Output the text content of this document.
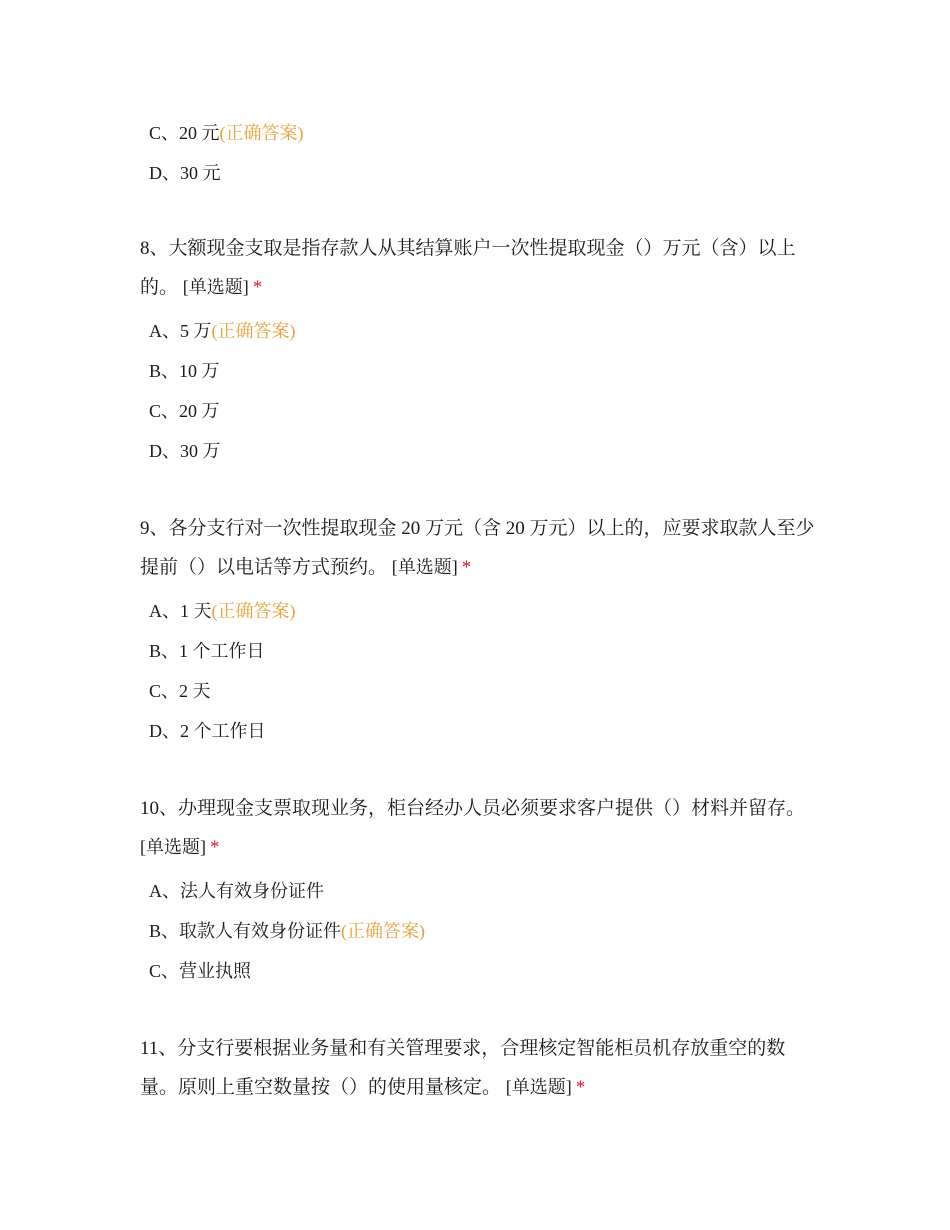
C、20 元(正确答案)
D、30 元

8、大额现金支取是指存款人从其结算账户一次性提取现金（）万元（含）以上的。 [单选题] *

A、5 万(正确答案)
B、10 万
C、20 万
D、30 万

9、各分支行对一次性提取现金 20 万元（含 20 万元）以上的，应要求取款人至少提前（）以电话等方式预约。 [单选题] *

A、1 天(正确答案)
B、1 个工作日
C、2 天
D、2 个工作日

10、办理现金支票取现业务，柜台经办人员必须要求客户提供（）材料并留存。 [单选题] *

A、法人有效身份证件
B、取款人有效身份证件(正确答案)
C、营业执照

11、分支行要根据业务量和有关管理要求，合理核定智能柜员机存放重空的数量。原则上重空数量按（）的使用量核定。 [单选题] *
